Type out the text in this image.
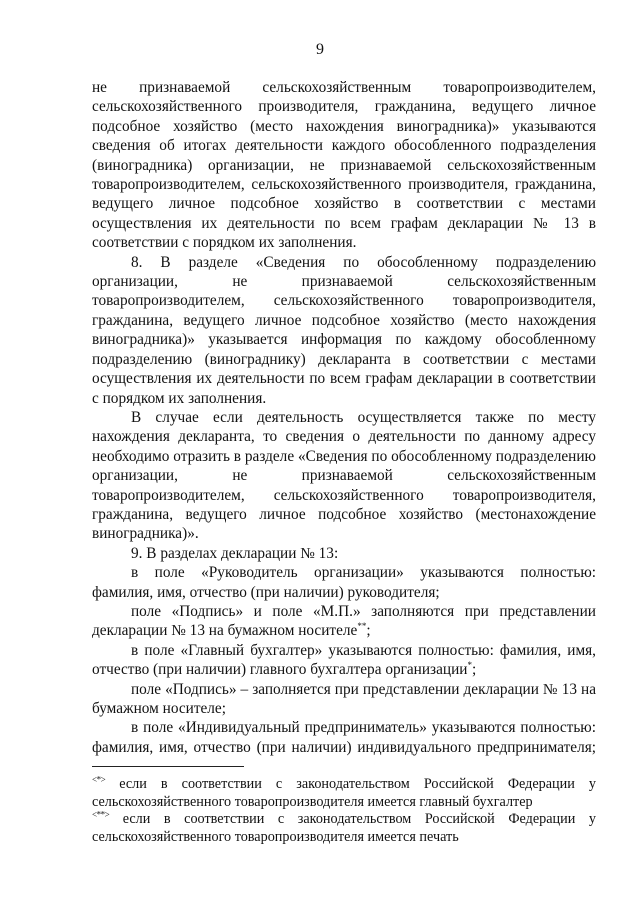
9

не признаваемой сельскохозяйственным товаропроизводителем, сельскохозяйственного производителя, гражданина, ведущего личное подсобное хозяйство (место нахождения виноградника)» указываются сведения об итогах деятельности каждого обособленного подразделения (виноградника) организации, не признаваемой сельскохозяйственным товаропроизводителем, сельскохозяйственного производителя, гражданина, ведущего личное подсобное хозяйство в соответствии с местами осуществления их деятельности по всем графам декларации № 13 в соответствии с порядком их заполнения.

8. В разделе «Сведения по обособленному подразделению организации, не признаваемой сельскохозяйственным товаропроизводителем, сельскохозяйственного товаропроизводителя, гражданина, ведущего личное подсобное хозяйство (место нахождения виноградника)» указывается информация по каждому обособленному подразделению (винограднику) декларанта в соответствии с местами осуществления их деятельности по всем графам декларации в соответствии с порядком их заполнения.

В случае если деятельность осуществляется также по месту нахождения декларанта, то сведения о деятельности по данному адресу необходимо отразить в разделе «Сведения по обособленному подразделению организации, не признаваемой сельскохозяйственным товаропроизводителем, сельскохозяйственного товаропроизводителя, гражданина, ведущего личное подсобное хозяйство (местонахождение виноградника)».

9. В разделах декларации № 13:

в поле «Руководитель организации» указываются полностью: фамилия, имя, отчество (при наличии) руководителя;

поле «Подпись» и поле «М.П.» заполняются при представлении декларации № 13 на бумажном носителе**;

в поле «Главный бухгалтер» указываются полностью: фамилия, имя, отчество (при наличии) главного бухгалтера организации*;

поле «Подпись» – заполняется при представлении декларации № 13 на бумажном носителе;

в поле «Индивидуальный предприниматель» указываются полностью: фамилия, имя, отчество (при наличии) индивидуального предпринимателя;

<*> если в соответствии с законодательством Российской Федерации у сельскохозяйственного товаропроизводителя имеется главный бухгалтер

<**> если в соответствии с законодательством Российской Федерации у сельскохозяйственного товаропроизводителя имеется печать
